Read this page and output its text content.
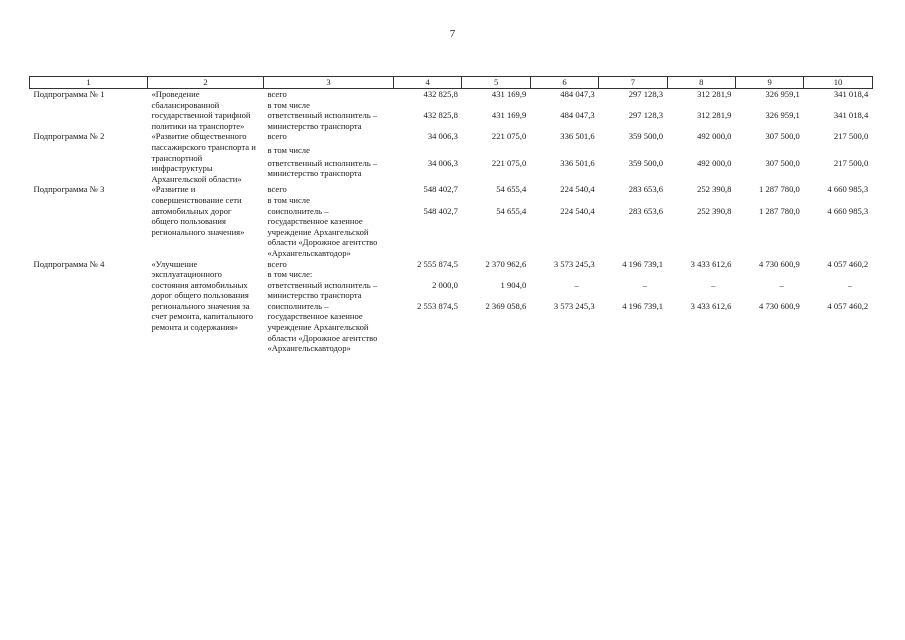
7
1	2	3	4	5	6	7	8	9	10
Подпрограмма № 1	«Проведение сбалансированной государственной тарифной политики на транспорте»	всего	432 825,8	431 169,9	484 047,3	297 128,3	312 281,9	326 959,1	341 018,4
		в том числе							
		ответственный исполнитель – министерство транспорта	432 825,8	431 169,9	484 047,3	297 128,3	312 281,9	326 959,1	341 018,4
Подпрограмма № 2	«Развитие общественного пассажирского транспорта и транспортной инфраструктуры Архангельской области»	всего	34 006,3	221 075,0	336 501,6	359 500,0	492 000,0	307 500,0	217 500,0
		в том числе							
		ответственный исполнитель – министерство транспорта	34 006,3	221 075,0	336 501,6	359 500,0	492 000,0	307 500,0	217 500,0
Подпрограмма № 3	«Развитие и совершенствование сети автомобильных дорог общего пользования регионального значения»	всего	548 402,7	54 655,4	224 540,4	283 653,6	252 390,8	1 287 780,0	4 660 985,3
		в том числе							
		соисполнитель – государственное казенное учреждение Архангельской области «Дорожное агентство «Архангельскавтодор»	548 402,7	54 655,4	224 540,4	283 653,6	252 390,8	1 287 780,0	4 660 985,3
Подпрограмма № 4	«Улучшение эксплуатационного состояния автомобильных дорог общего пользования регионального значения за счет ремонта, капитального ремонта и содержания»	всего	2 555 874,5	2 370 962,6	3 573 245,3	4 196 739,1	3 433 612,6	4 730 600,9	4 057 460,2
		в том числе:							
		ответственный исполнитель – министерство транспорта	2 000,0	1 904,0	–	–	–	–	–
		соисполнитель – государственное казенное учреждение Архангельской области «Дорожное агентство «Архангельскавтодор»	2 553 874,5	2 369 058,6	3 573 245,3	4 196 739,1	3 433 612,6	4 730 600,9	4 057 460,2
